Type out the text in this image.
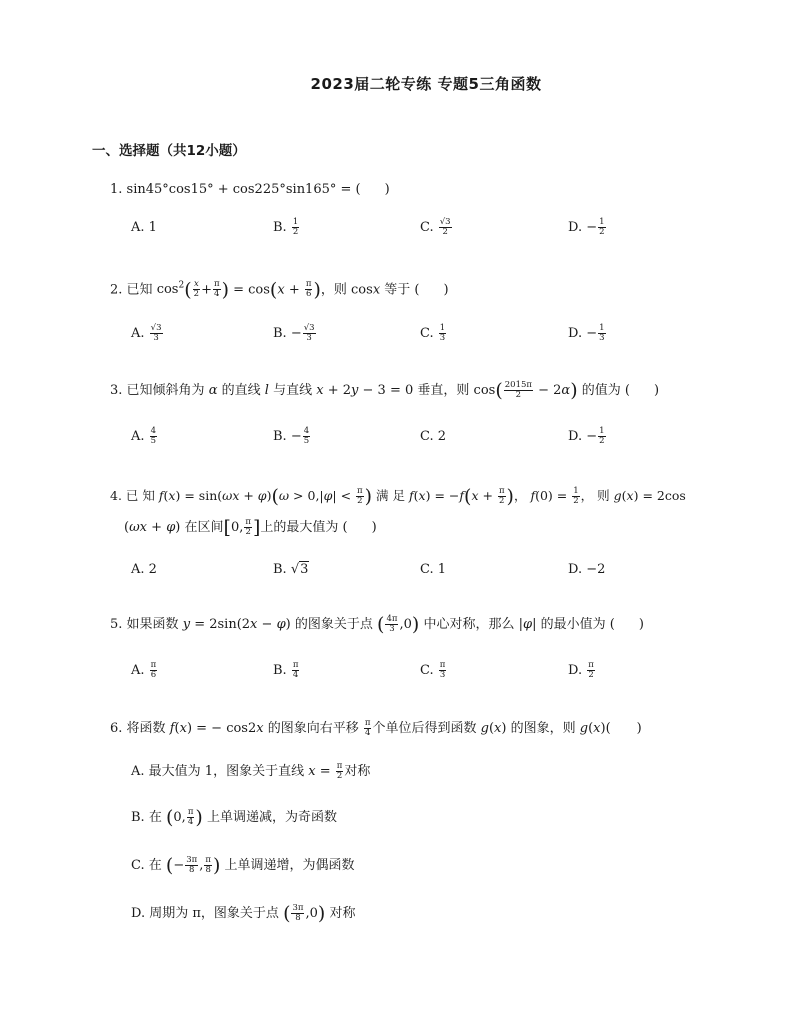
2023届二轮专练 专题5三角函数
一、选择题（共12小题）
1. sin45°cos15° + cos225°sin165° = ( )
A. 1	B. $\frac{1}{2}$	C. $\frac{√3}{2}$	D. − $\frac{1}{2}$
2. 已知 $\cos^2( \frac{x}{2} + \frac{\pi}{4}$ ) = $\cos(x + \frac{\pi}{6}$ )，则 cosx 等于 ( )
A. $\frac{√3}{3}$	B. − $\frac{√3}{3}$	C. $\frac{1}{3}$	D. − $\frac{1}{3}$
3. 已知倾斜角为 α 的直线 l 与直线 x + 2y − 3 = 0 垂直，则 $\cos( \frac{2015\pi}{2} - 2\alpha)$ 的值为 ( )
A. $\frac{4}{5}$	B. − $\frac{4}{5}$	C. 2	D. − $\frac{1}{2}$
4. 已 知 $f(x) = \sin(\omega x + \varphi)(\omega > 0,|\varphi| < \frac{\pi}{2}$ ) 满 足 $f(x) = -f(x + \frac{\pi}{2}$ )， $f(0) = \frac{1}{2}$ ， 则 g(x) = 2cos
(ωx + φ) 在区间[0, $\frac{\pi}{2}$ ]上的最大值为 ( )
A. 2	B. √3	C. 1	D. −2
5. 如果函数 y = 2sin(2x − φ) 的图象关于点 ( $\frac{4\pi}{3} ,0$) 中心对称，那么 |φ| 的最小值为 ( )
A. $\frac{\pi}{6}$	B. $\frac{\pi}{4}$	C. $\frac{\pi}{3}$	D. $\frac{\pi}{2}$
6. 将函数 f(x) = − cos2x 的图象向右平移 $\frac{\pi}{4}$ 个单位后得到函数 g(x) 的图象，则 g(x)(　　)
A. 最大值为 1，图象关于直线 $x = \frac{\pi}{2}$ 对称
B. 在 (0, $\frac{\pi}{4}$ ) 上单调递减，为奇函数
C. 在 (− $\frac{3\pi}{8}$ , $\frac{\pi}{8}$ ) 上单调递增，为偶函数
D. 周期为 π，图象关于点 ( $\frac{3\pi}{8} ,0$) 对称
